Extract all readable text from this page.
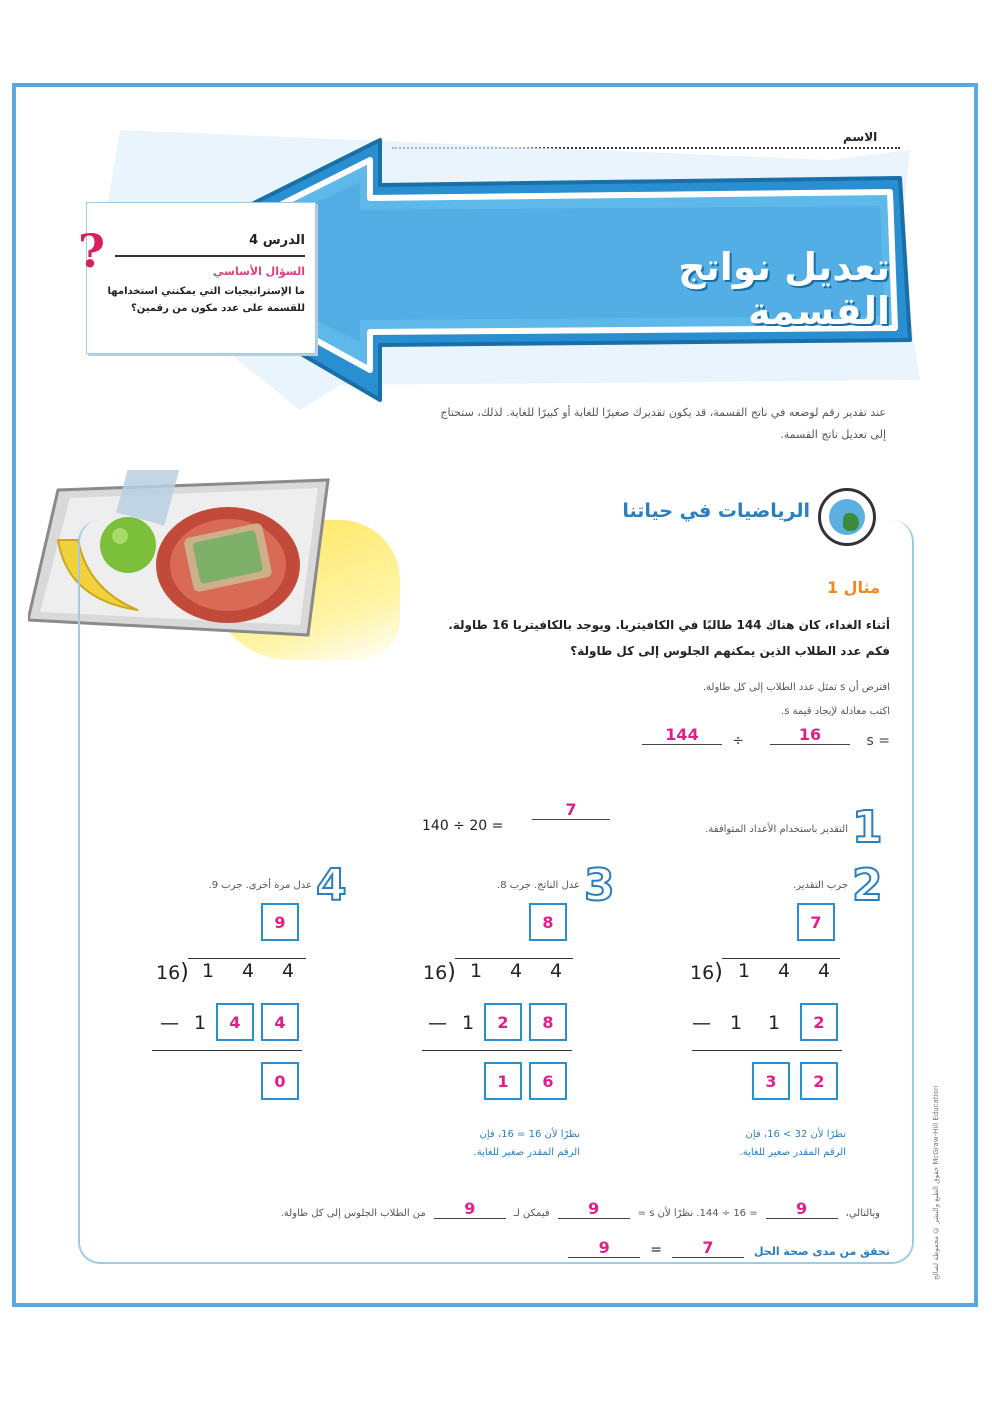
الاسم
تعديل نواتج القسمة
الدرس 4
السؤال الأساسي
ما الإستراتيجيات التي يمكنني استخدامها للقسمة على عدد مكون من رقمين؟
?
عند تقدير رقم لوضعه في ناتج القسمة، قد يكون تقديرك صغيرًا للغاية أو كبيرًا للغاية. لذلك، ستحتاج إلى تعديل ناتج القسمة.
الرياضيات في حياتنا
مثال 1
أثناء الغداء، كان هناك 144 طالبًا في الكافيتريا. ويوجد بالكافيتريا 16 طاولة.
فكم عدد الطلاب الذين يمكنهم الجلوس إلى كل طاولة؟
افترض أن s تمثل عدد الطلاب إلى كل طاولة.
اكتب معادلة لإيجاد قيمة s.
s =
16
÷
144
1
التقدير باستخدام الأعداد المتوافقة.
140 ÷ 20 =
7
2
جرب التقدير.
7
16) 1 4 4
— 1 1	2
3	2
نظرًا لأن 32 > 16، فإن
الرقم المقدر صغير للغاية.
3
عدل الناتج. جرب 8.
8
16) 1 4 4
— 1	2	8
1	6
نظرًا لأن 16 = 16، فإن
الرقم المقدر صغير للغاية.
4
عدل مرة أخرى. جرب 9.
9
16) 1 4 4
— 1	4	4
0
وبالتالي،
9
= 16 ÷ 144. نظرًا لأن s =
9
فيمكن لـ
9
من الطلاب الجلوس إلى كل طاولة.
تحقق من مدى صحة الحل
7
=
9	حقوق الطبع والنشر © محفوظة لصالح McGraw-Hill Education
